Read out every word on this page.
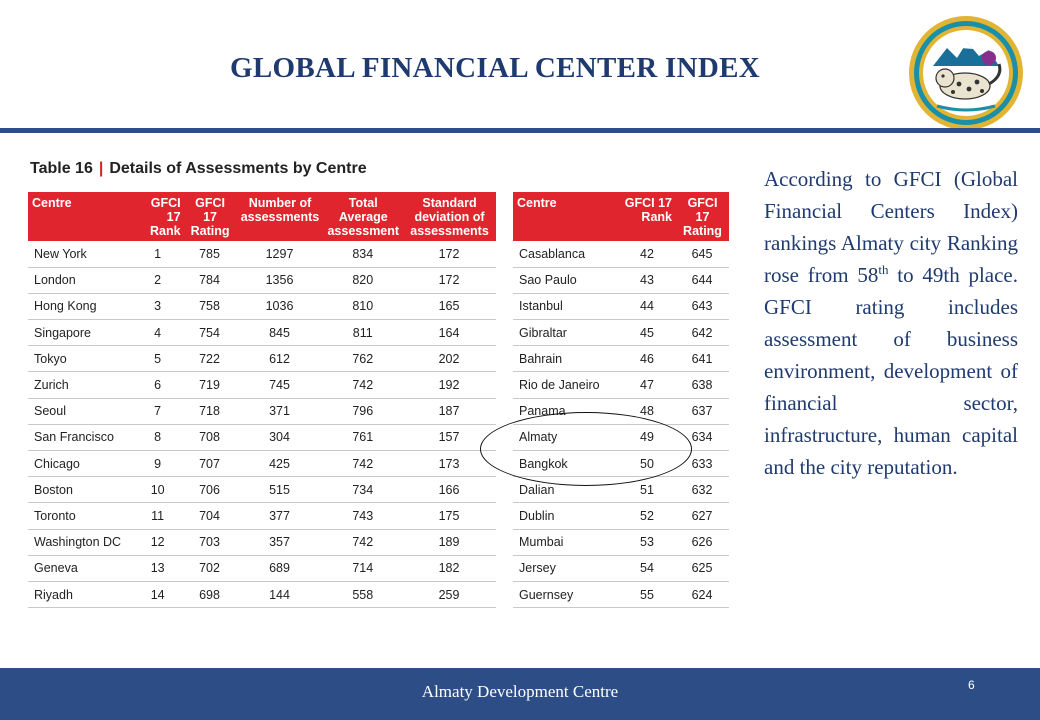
GLOBAL FINANCIAL CENTER INDEX
Table 16 | Details of Assessments by Centre
Centre	GFCI 17 Rank	GFCI 17 Rating	Number of assessments	Total Average assessment	Standard deviation of assessments
New York	1	785	1297	834	172
London	2	784	1356	820	172
Hong Kong	3	758	1036	810	165
Singapore	4	754	845	811	164
Tokyo	5	722	612	762	202
Zurich	6	719	745	742	192
Seoul	7	718	371	796	187
San Francisco	8	708	304	761	157
Chicago	9	707	425	742	173
Boston	10	706	515	734	166
Toronto	11	704	377	743	175
Washington DC	12	703	357	742	189
Geneva	13	702	689	714	182
Riyadh	14	698	144	558	259
Centre	GFCI 17 Rank	GFCI 17 Rating
Casablanca	42	645
Sao Paulo	43	644
Istanbul	44	643
Gibraltar	45	642
Bahrain	46	641
Rio de Janeiro	47	638
Panama	48	637
Almaty	49	634
Bangkok	50	633
Dalian	51	632
Dublin	52	627
Mumbai	53	626
Jersey	54	625
Guernsey	55	624
According to GFCI (Global Financial Centers Index) rankings Almaty city Ranking rose from 58th to 49th place. GFCI rating includes assessment of business environment, development of financial sector, infrastructure, human capital and the city reputation.
Almaty Development Centre	6
